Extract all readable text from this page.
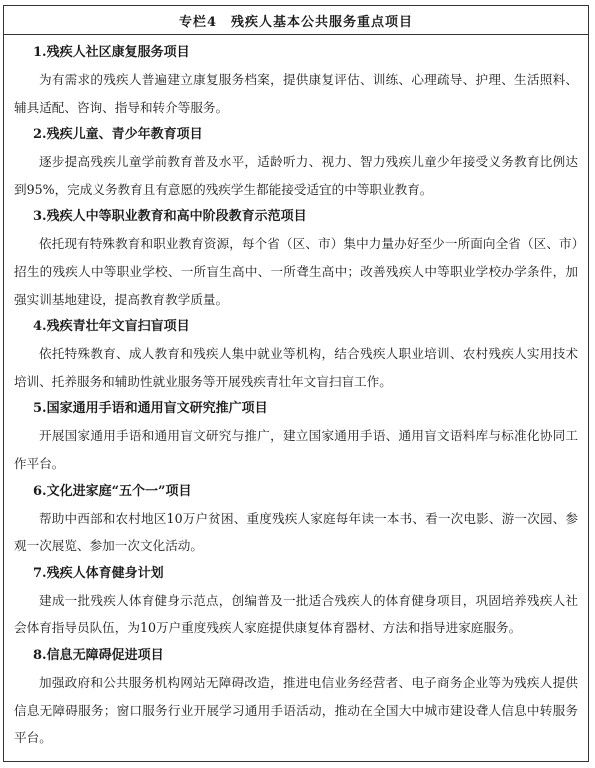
专栏4　残疾人基本公共服务重点项目
1.残疾人社区康复服务项目

为有需求的残疾人普遍建立康复服务档案，提供康复评估、训练、心理疏导、护理、生活照料、辅具适配、咨询、指导和转介等服务。

2.残疾儿童、青少年教育项目

逐步提高残疾儿童学前教育普及水平，适龄听力、视力、智力残疾儿童少年接受义务教育比例达到95%，完成义务教育且有意愿的残疾学生都能接受适宜的中等职业教育。

3.残疾人中等职业教育和高中阶段教育示范项目

依托现有特殊教育和职业教育资源，每个省（区、市）集中力量办好至少一所面向全省（区、市）招生的残疾人中等职业学校、一所盲生高中、一所聋生高中；改善残疾人中等职业学校办学条件，加强实训基地建设，提高教育教学质量。

4.残疾青壮年文盲扫盲项目

依托特殊教育、成人教育和残疾人集中就业等机构，结合残疾人职业培训、农村残疾人实用技术培训、托养服务和辅助性就业服务等开展残疾青壮年文盲扫盲工作。

5.国家通用手语和通用盲文研究推广项目

开展国家通用手语和通用盲文研究与推广，建立国家通用手语、通用盲文语料库与标准化协同工作平台。

6.文化进家庭“五个一”项目

帮助中西部和农村地区10万户贫困、重度残疾人家庭每年读一本书、看一次电影、游一次园、参观一次展览、参加一次文化活动。

7.残疾人体育健身计划

建成一批残疾人体育健身示范点，创编普及一批适合残疾人的体育健身项目，巩固培养残疾人社会体育指导员队伍，为10万户重度残疾人家庭提供康复体育器材、方法和指导进家庭服务。

8.信息无障碍促进项目

加强政府和公共服务机构网站无障碍改造，推进电信业务经营者、电子商务企业等为残疾人提供信息无障碍服务；窗口服务行业开展学习通用手语活动，推动在全国大中城市建设聋人信息中转服务平台。
